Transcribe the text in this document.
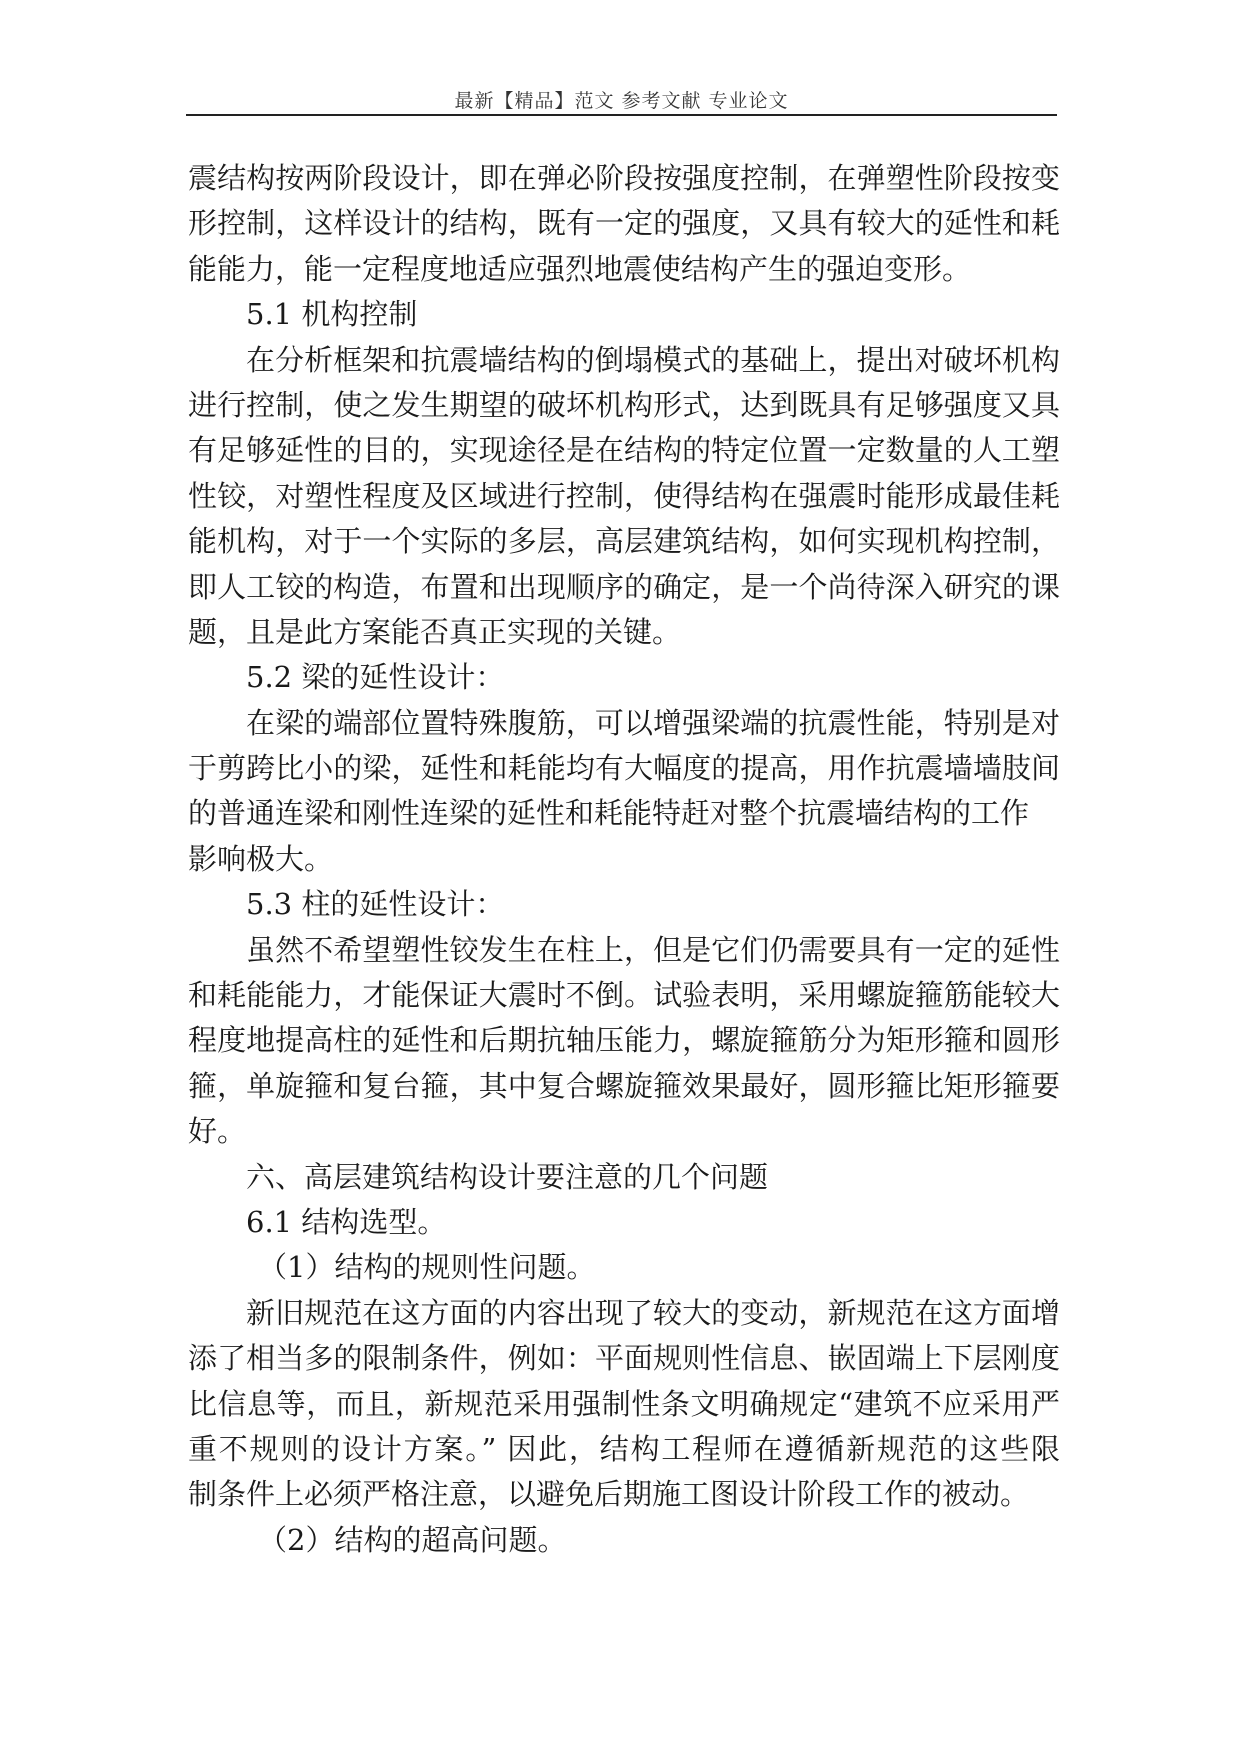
最新【精品】范文 参考文献 专业论文
震结构按两阶段设计，即在弹必阶段按强度控制，在弹塑性阶段按变
形控制，这样设计的结构，既有一定的强度，又具有较大的延性和耗
能能力，能一定程度地适应强烈地震使结构产生的强迫变形。
5.1 机构控制
在分析框架和抗震墙结构的倒塌模式的基础上，提出对破坏机构
进行控制，使之发生期望的破坏机构形式，达到既具有足够强度又具
有足够延性的目的，实现途径是在结构的特定位置一定数量的人工塑
性铰，对塑性程度及区域进行控制，使得结构在强震时能形成最佳耗
能机构，对于一个实际的多层，高层建筑结构，如何实现机构控制，
即人工铰的构造，布置和出现顺序的确定，是一个尚待深入研究的课
题，且是此方案能否真正实现的关键。
5.2 梁的延性设计：
在梁的端部位置特殊腹筋，可以增强梁端的抗震性能，特别是对
于剪跨比小的梁，延性和耗能均有大幅度的提高，用作抗震墙墙肢间
的普通连梁和刚性连梁的延性和耗能特赶对整个抗震墙结构的工作
影响极大。
5.3 柱的延性设计：
虽然不希望塑性铰发生在柱上，但是它们仍需要具有一定的延性
和耗能能力，才能保证大震时不倒。试验表明，采用螺旋箍筋能较大
程度地提高柱的延性和后期抗轴压能力，螺旋箍筋分为矩形箍和圆形
箍，单旋箍和复台箍，其中复合螺旋箍效果最好，圆形箍比矩形箍要
好。
六、高层建筑结构设计要注意的几个问题
6.1 结构选型。
（1）结构的规则性问题。
新旧规范在这方面的内容出现了较大的变动，新规范在这方面增
添了相当多的限制条件，例如：平面规则性信息、嵌固端上下层刚度
比信息等，而且，新规范采用强制性条文明确规定“建筑不应采用严
重不规则的设计方案。” 因此，结构工程师在遵循新规范的这些限
制条件上必须严格注意，以避免后期施工图设计阶段工作的被动。
（2）结构的超高问题。
